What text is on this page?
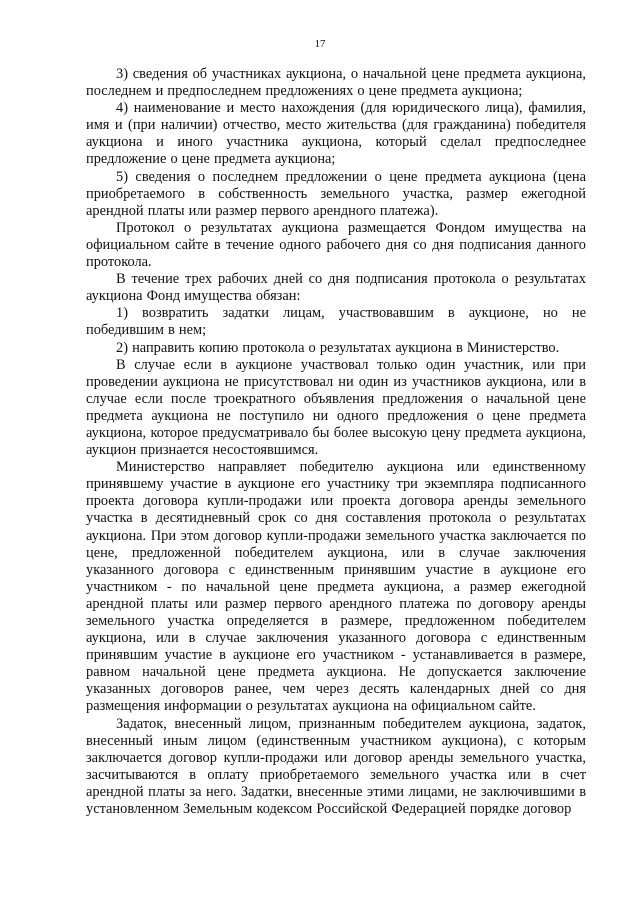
17

3) сведения об участниках аукциона, о начальной цене предмета аукциона, последнем и предпоследнем предложениях о цене предмета аукциона;

4) наименование и место нахождения (для юридического лица), фамилия, имя и (при наличии) отчество, место жительства (для гражданина) победителя аукциона и иного участника аукциона, который сделал предпоследнее предложение о цене предмета аукциона;

5) сведения о последнем предложении о цене предмета аукциона (цена приобретаемого в собственность земельного участка, размер ежегодной арендной платы или размер первого арендного платежа).

Протокол о результатах аукциона размещается Фондом имущества на официальном сайте в течение одного рабочего дня со дня подписания данного протокола.

В течение трех рабочих дней со дня подписания протокола о результатах аукциона Фонд имущества обязан:

1) возвратить задатки лицам, участвовавшим в аукционе, но не победившим в нем;

2) направить копию протокола о результатах аукциона в Министерство.

В случае если в аукционе участвовал только один участник, или при проведении аукциона не присутствовал ни один из участников аукциона, или в случае если после троекратного объявления предложения о начальной цене предмета аукциона не поступило ни одного предложения о цене предмета аукциона, которое предусматривало бы более высокую цену предмета аукциона, аукцион признается несостоявшимся.

Министерство направляет победителю аукциона или единственному принявшему участие в аукционе его участнику три экземпляра подписанного проекта договора купли-продажи или проекта договора аренды земельного участка в десятидневный срок со дня составления протокола о результатах аукциона. При этом договор купли-продажи земельного участка заключается по цене, предложенной победителем аукциона, или в случае заключения указанного договора с единственным принявшим участие в аукционе его участником - по начальной цене предмета аукциона, а размер ежегодной арендной платы или размер первого арендного платежа по договору аренды земельного участка определяется в размере, предложенном победителем аукциона, или в случае заключения указанного договора с единственным принявшим участие в аукционе его участником - устанавливается в размере, равном начальной цене предмета аукциона. Не допускается заключение указанных договоров ранее, чем через десять календарных дней со дня размещения информации о результатах аукциона на официальном сайте.

Задаток, внесенный лицом, признанным победителем аукциона, задаток, внесенный иным лицом (единственным участником аукциона), с которым заключается договор купли-продажи или договор аренды земельного участка, засчитываются в оплату приобретаемого земельного участка или в счет арендной платы за него. Задатки, внесенные этими лицами, не заключившими в установленном Земельным кодексом Российской Федерацией порядке договор
